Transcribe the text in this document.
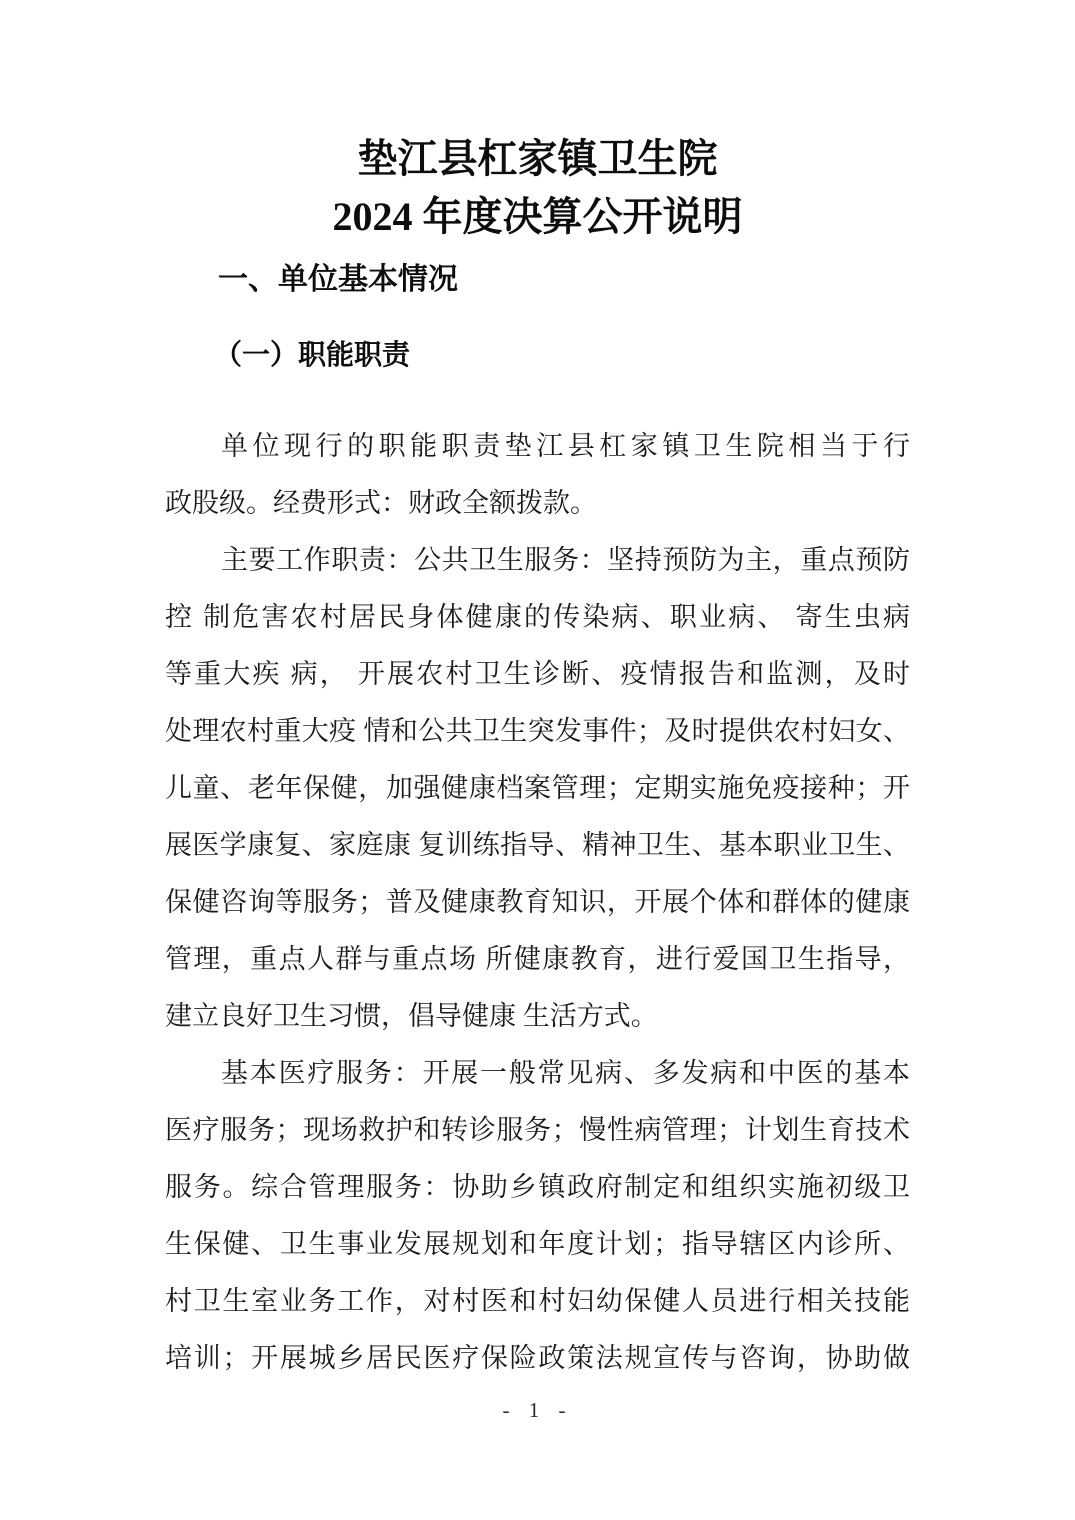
垫江县杠家镇卫生院
2024 年度决算公开说明
一、单位基本情况
（一）职能职责
单位现行的职能职责垫江县杠家镇卫生院相当于行
政股级。经费形式：财政全额拨款。
主要工作职责：公共卫生服务：坚持预防为主，重点预防
控 制危害农村居民身体健康的传染病、职业病、 寄生虫病
等重大疾 病， 开展农村卫生诊断、疫情报告和监测，及时
处理农村重大疫 情和公共卫生突发事件；及时提供农村妇女、
儿童、老年保健，加强健康档案管理；定期实施免疫接种；开
展医学康复、家庭康 复训练指导、精神卫生、基本职业卫生、
保健咨询等服务；普及健康教育知识，开展个体和群体的健康
管理，重点人群与重点场 所健康教育，进行爱国卫生指导，
建立良好卫生习惯，倡导健康 生活方式。
基本医疗服务：开展一般常见病、多发病和中医的基本
医疗服务；现场救护和转诊服务；慢性病管理；计划生育技术
服务。综合管理服务：协助乡镇政府制定和组织实施初级卫
生保健、卫生事业发展规划和年度计划；指导辖区内诊所、
村卫生室业务工作，对村医和村妇幼保健人员进行相关技能
培训；开展城乡居民医疗保险政策法规宣传与咨询，协助做
- 1 -
